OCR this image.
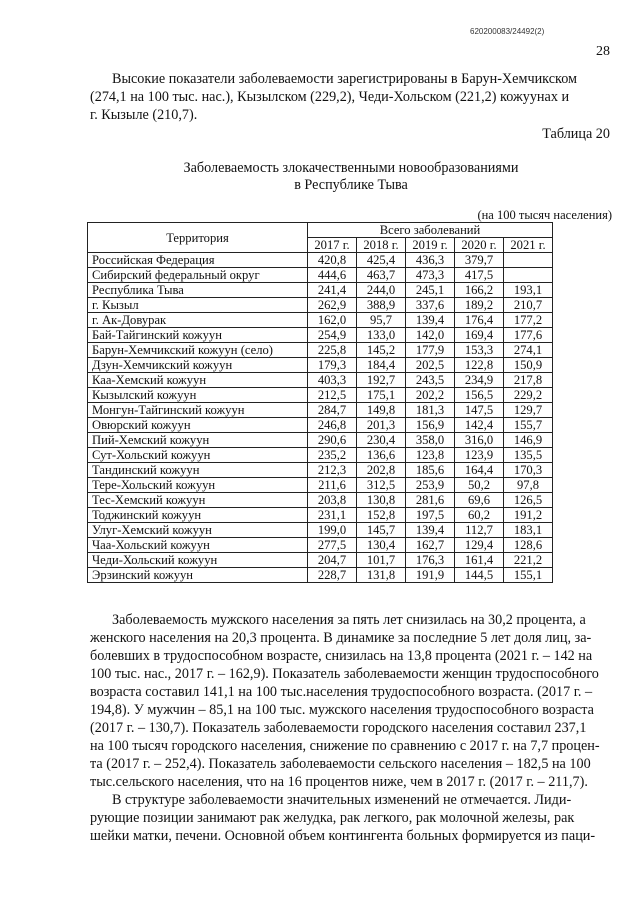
620200083/24492(2)
28
Высокие показатели заболеваемости зарегистрированы в Барун-Хемчикском
(274,1 на 100 тыс. нас.), Кызылском (229,2), Чеди-Хольском (221,2) кожуунах и
г. Кызыле (210,7).
Таблица 20
Заболеваемость злокачественными новообразованиями
в Республике Тыва
(на 100 тысяч населения)
Территория	Всего заболеваний				
	2017 г.	2018 г.	2019 г.	2020 г.	2021 г.
Российская Федерация	420,8	425,4	436,3	379,7	
Сибирский федеральный округ	444,6	463,7	473,3	417,5	
Республика Тыва	241,4	244,0	245,1	166,2	193,1
г. Кызыл	262,9	388,9	337,6	189,2	210,7
г. Ак-Довурак	162,0	95,7	139,4	176,4	177,2
Бай-Тайгинский кожуун	254,9	133,0	142,0	169,4	177,6
Барун-Хемчикский кожуун (село)	225,8	145,2	177,9	153,3	274,1
Дзун-Хемчикский кожуун	179,3	184,4	202,5	122,8	150,9
Каа-Хемский кожуун	403,3	192,7	243,5	234,9	217,8
Кызылский кожуун	212,5	175,1	202,2	156,5	229,2
Монгун-Тайгинский кожуун	284,7	149,8	181,3	147,5	129,7
Овюрский кожуун	246,8	201,3	156,9	142,4	155,7
Пий-Хемский кожуун	290,6	230,4	358,0	316,0	146,9
Сут-Хольский кожуун	235,2	136,6	123,8	123,9	135,5
Тандинский кожуун	212,3	202,8	185,6	164,4	170,3
Тере-Хольский кожуун	211,6	312,5	253,9	50,2	97,8
Тес-Хемский кожуун	203,8	130,8	281,6	69,6	126,5
Тоджинский кожуун	231,1	152,8	197,5	60,2	191,2
Улуг-Хемский кожуун	199,0	145,7	139,4	112,7	183,1
Чаа-Хольский кожуун	277,5	130,4	162,7	129,4	128,6
Чеди-Хольский кожуун	204,7	101,7	176,3	161,4	221,2
Эрзинский кожуун	228,7	131,8	191,9	144,5	155,1

Заболеваемость мужского населения за пять лет снизилась на 30,2 процента, а

женского населения на 20,3 процента. В динамике за последние 5 лет доля лиц, за-

болевших в трудоспособном возрасте, снизилась на 13,8 процента (2021 г. – 142 на

100 тыс. нас., 2017 г. – 162,9). Показатель заболеваемости женщин трудоспособного

возраста составил 141,1 на 100 тыс.населения трудоспособного возраста. (2017 г. –

194,8). У мужчин – 85,1 на 100 тыс. мужского населения трудоспособного возраста

(2017 г. – 130,7). Показатель заболеваемости городского населения составил 237,1

на 100 тысяч городского населения, снижение по сравнению с 2017 г. на 7,7 процен-

та (2017 г. – 252,4). Показатель заболеваемости сельского населения – 182,5 на 100

тыс.сельского населения, что на 16 процентов ниже, чем в 2017 г. (2017 г. – 211,7).

В структуре заболеваемости значительных изменений не отмечается. Лиди-

рующие позиции занимают рак желудка, рак легкого, рак молочной железы, рак

шейки матки, печени. Основной объем контингента больных формируется из паци-
